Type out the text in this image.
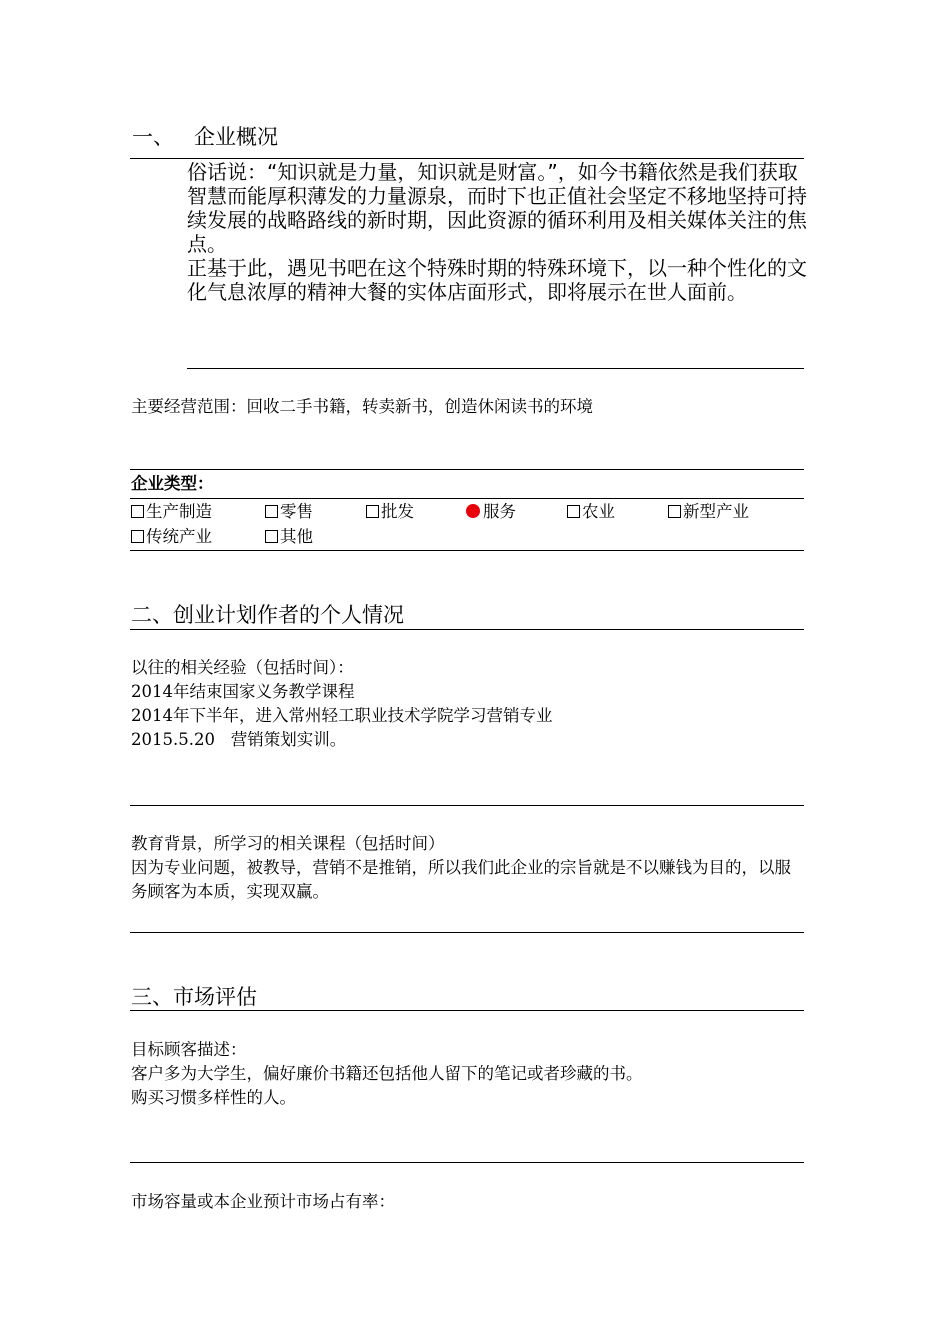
一、 企业概况

俗话说：“知识就是力量，知识就是财富。”，如今书籍依然是我们获取智慧而能厚积薄发的力量源泉，而时下也正值社会坚定不移地坚持可持续发展的战略路线的新时期，因此资源的循环利用及相关媒体关注的焦点。

正基于此，遇见书吧在这个特殊时期的特殊环境下，以一种个性化的文化气息浓厚的精神大餐的实体店面形式，即将展示在世人面前。

主要经营范围：回收二手书籍，转卖新书，创造休闲读书的环境
企业类型：
生产制造	零售	批发	服务	农业	新型产业
传统产业	其他
二、创业计划作者的个人情况
以往的相关经验（包括时间）：
2014年结束国家义务教学课程
2014年下半年，进入常州轻工职业技术学院学习营销专业
2015.5.20   营销策划实训。
教育背景，所学习的相关课程（包括时间）
因为专业问题，被教导，营销不是推销，所以我们此企业的宗旨就是不以赚钱为目的，以服务顾客为本质，实现双赢。
三、市场评估
目标顾客描述：
客户多为大学生，偏好廉价书籍还包括他人留下的笔记或者珍藏的书。
购买习惯多样性的人。
市场容量或本企业预计市场占有率：
